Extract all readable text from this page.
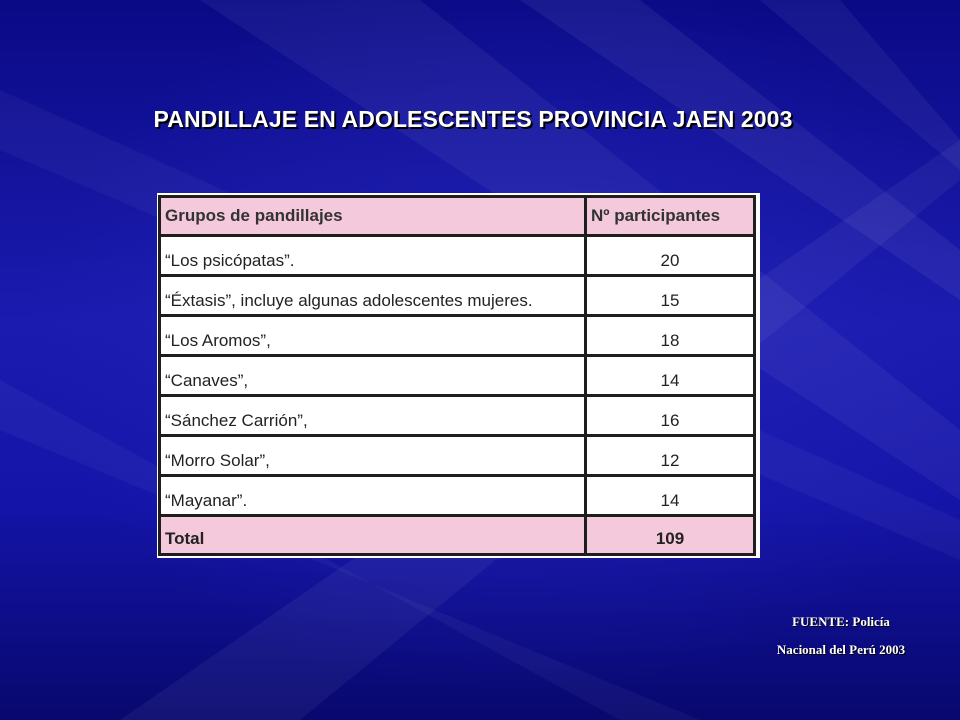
PANDILLAJE EN ADOLESCENTES PROVINCIA JAEN 2003
Grupos de pandillajes	Nº participantes
“Los psicópatas”.	20
“Éxtasis”, incluye algunas adolescentes mujeres.	15
“Los Aromos”,	18
“Canaves”,	14
“Sánchez Carrión”,	16
“Morro Solar”,	12
“Mayanar”.	14
Total	109
FUENTE: Policía
Nacional del Perú 2003
